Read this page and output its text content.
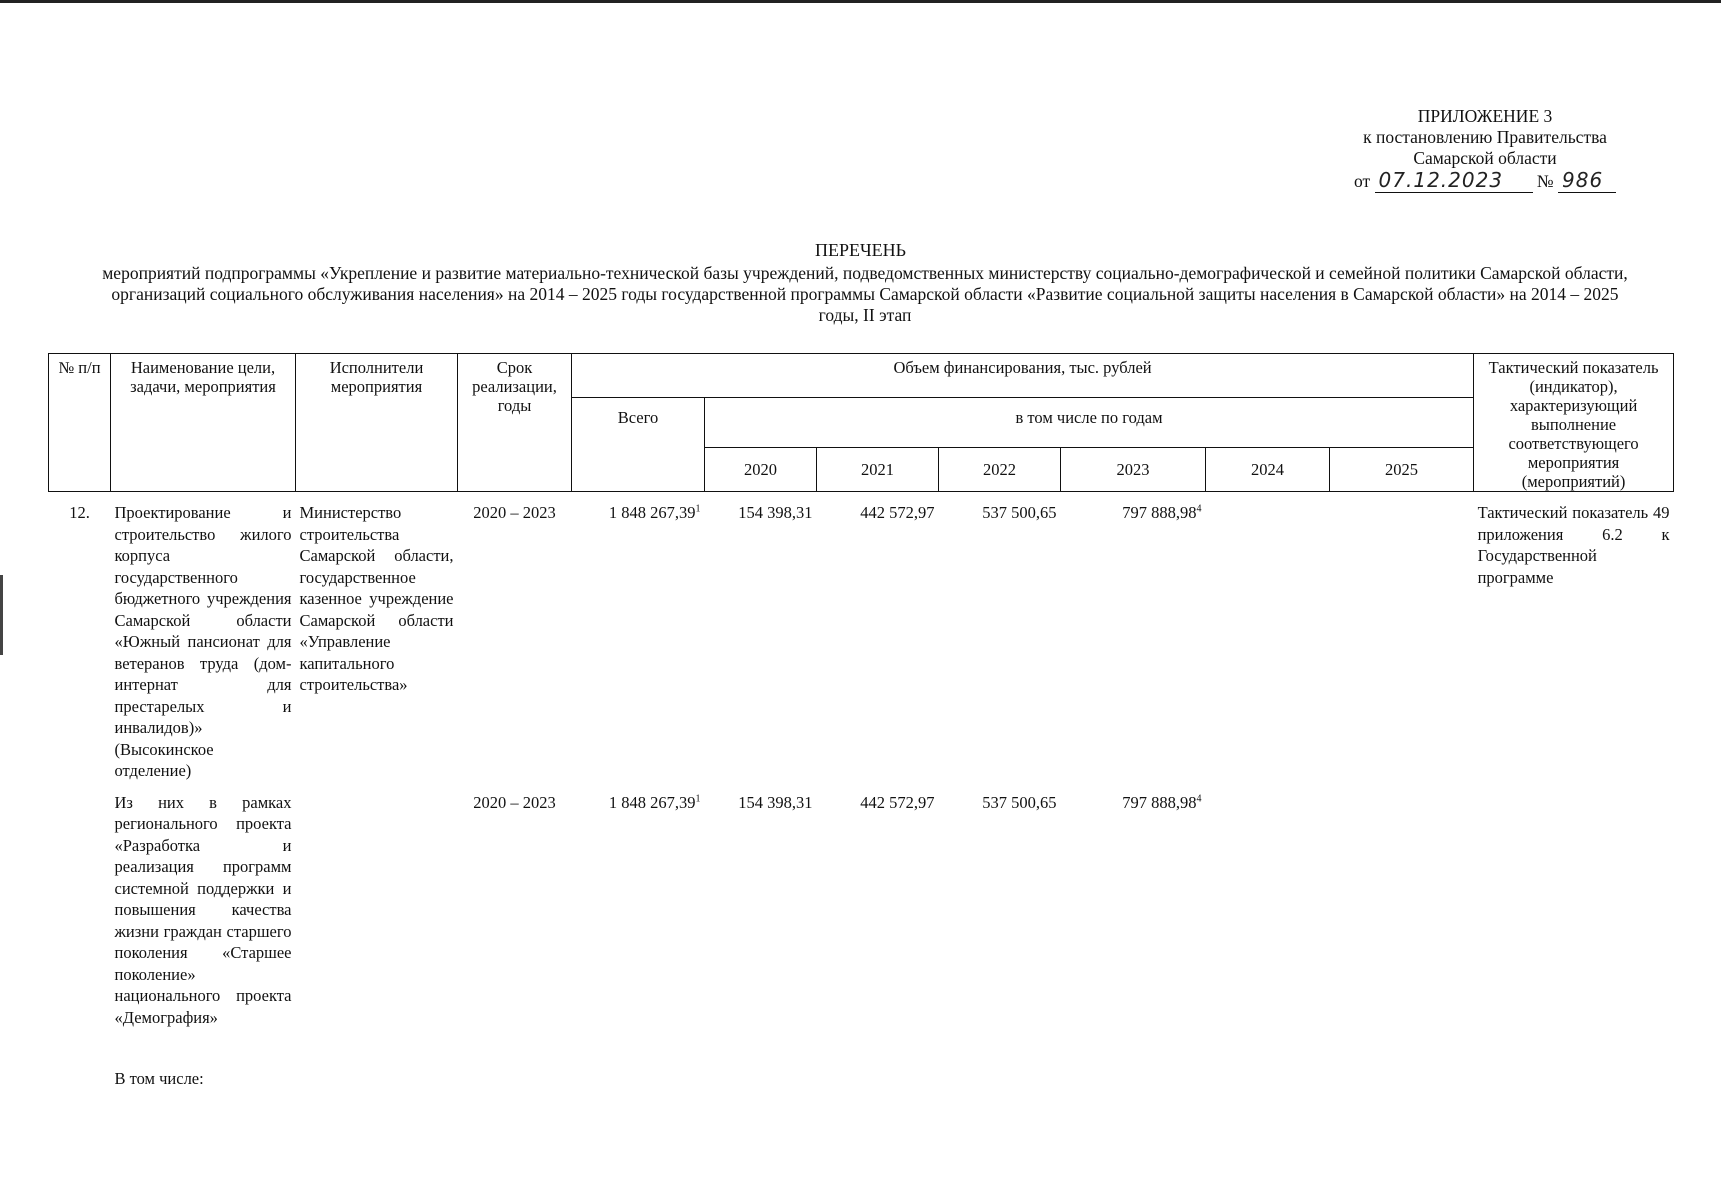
ПРИЛОЖЕНИЕ 3
к постановлению Правительства
Самарской области
от 07.12.2023 № 986
ПЕРЕЧЕНЬ
мероприятий подпрограммы «Укрепление и развитие материально-технической базы учреждений, подведомственных министерству социально-демографической и семейной политики Самарской области, организаций социального обслуживания населения» на 2014 – 2025 годы государственной программы Самарской области «Развитие социальной защиты населения в Самарской области» на 2014 – 2025 годы, II этап
№ п/п	Наименование цели, задачи, мероприятия	Исполнители мероприятия	Срок реализации, годы	Объем финансирования, тыс. рублей							Тактический показатель (индикатор), характеризующий выполнение соответствующего мероприятия (мероприятий)
				Всего	в том числе по годам						
					2020	2021	2022	2023	2024	2025	
12.	Проектирование и строительство жилого корпуса государственного бюджетного учреждения Самарской области «Южный пансионат для ветеранов труда (дом-интернат для престарелых и инвалидов)» (Высокинское отделение)	Министерство строительства Самарской области, государственное казенное учреждение Самарской области «Управление капитального строительства»	2020 – 2023	1 848 267,39$^1$	154 398,31	442 572,97	537 500,65	797 888,98$^4$			Тактический показатель 49 приложения 6.2 к Государственной программе
	Из них в рамках регионального проекта «Разработка и реализация программ системной поддержки и повышения качества жизни граждан старшего поколения «Старшее поколение» национального проекта «Демография»		2020 – 2023	1 848 267,39$^1$	154 398,31	442 572,97	537 500,65	797 888,98$^4$			
	В том числе:										
